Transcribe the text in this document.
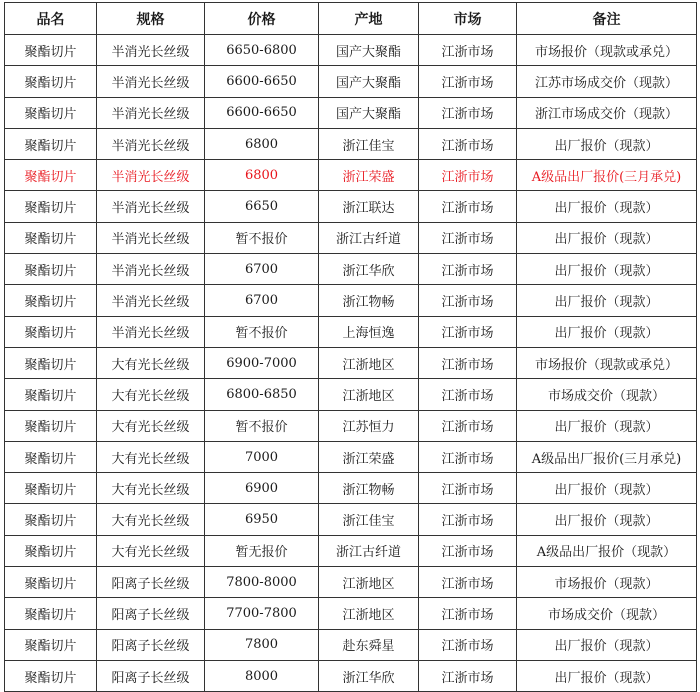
品名	规格	价格	产地	市场	备注
聚酯切片	半消光长丝级	6650-6800	国产大聚酯	江浙市场	市场报价（现款或承兑）
聚酯切片	半消光长丝级	6600-6650	国产大聚酯	江浙市场	江苏市场成交价（现款）
聚酯切片	半消光长丝级	6600-6650	国产大聚酯	江浙市场	浙江市场成交价（现款）
聚酯切片	半消光长丝级	6800	浙江佳宝	江浙市场	出厂报价（现款）
聚酯切片	半消光长丝级	6800	浙江荣盛	江浙市场	A级品出厂报价(三月承兑)
聚酯切片	半消光长丝级	6650	浙江联达	江浙市场	出厂报价（现款）
聚酯切片	半消光长丝级	暂不报价	浙江古纤道	江浙市场	出厂报价（现款）
聚酯切片	半消光长丝级	6700	浙江华欣	江浙市场	出厂报价（现款）
聚酯切片	半消光长丝级	6700	浙江物畅	江浙市场	出厂报价（现款）
聚酯切片	半消光长丝级	暂不报价	上海恒逸	江浙市场	出厂报价（现款）
聚酯切片	大有光长丝级	6900-7000	江浙地区	江浙市场	市场报价（现款或承兑）
聚酯切片	大有光长丝级	6800-6850	江浙地区	江浙市场	市场成交价（现款）
聚酯切片	大有光长丝级	暂不报价	江苏恒力	江浙市场	出厂报价（现款）
聚酯切片	大有光长丝级	7000	浙江荣盛	江浙市场	A级品出厂报价(三月承兑)
聚酯切片	大有光长丝级	6900	浙江物畅	江浙市场	出厂报价（现款）
聚酯切片	大有光长丝级	6950	浙江佳宝	江浙市场	出厂报价（现款）
聚酯切片	大有光长丝级	暂无报价	浙江古纤道	江浙市场	A级品出厂报价（现款）
聚酯切片	阳离子长丝级	7800-8000	江浙地区	江浙市场	市场报价（现款）
聚酯切片	阳离子长丝级	7700-7800	江浙地区	江浙市场	市场成交价（现款）
聚酯切片	阳离子长丝级	7800	赴东舜星	江浙市场	出厂报价（现款）
聚酯切片	阳离子长丝级	8000	浙江华欣	江浙市场	出厂报价（现款）
